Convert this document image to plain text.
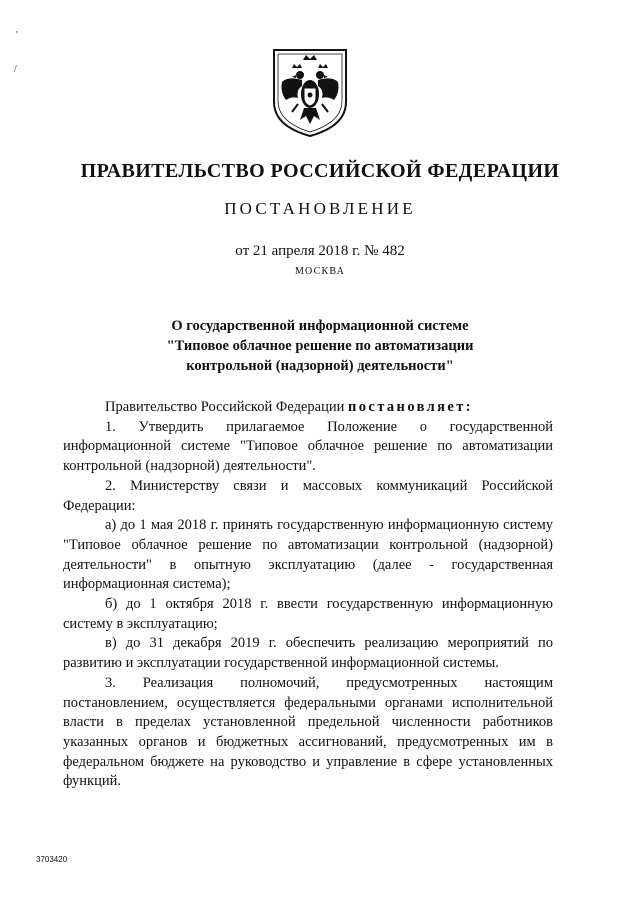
'
/
ПРАВИТЕЛЬСТВО РОССИЙСКОЙ ФЕДЕРАЦИИ
ПОСТАНОВЛЕНИЕ
от 21 апреля 2018 г. № 482
МОСКВА
О государственной информационной системе
"Типовое облачное решение по автоматизации
контрольной (надзорной) деятельности"

Правительство Российской Федерации постановляет:

1. Утвердить прилагаемое Положение о государственной информационной системе "Типовое облачное решение по автоматизации контрольной (надзорной) деятельности".

2. Министерству связи и массовых коммуникаций Российской Федерации:

а) до 1 мая 2018 г. принять государственную информационную систему "Типовое облачное решение по автоматизации контрольной (надзорной) деятельности" в опытную эксплуатацию (далее - государственная информационная система);

б) до 1 октября 2018 г. ввести государственную информационную систему в эксплуатацию;

в) до 31 декабря 2019 г. обеспечить реализацию мероприятий по развитию и эксплуатации государственной информационной системы.

3. Реализация полномочий, предусмотренных настоящим постановлением, осуществляется федеральными органами исполнительной власти в пределах установленной предельной численности работников указанных органов и бюджетных ассигнований, предусмотренных им в федеральном бюджете на руководство и управление в сфере установленных функций.

3703420
